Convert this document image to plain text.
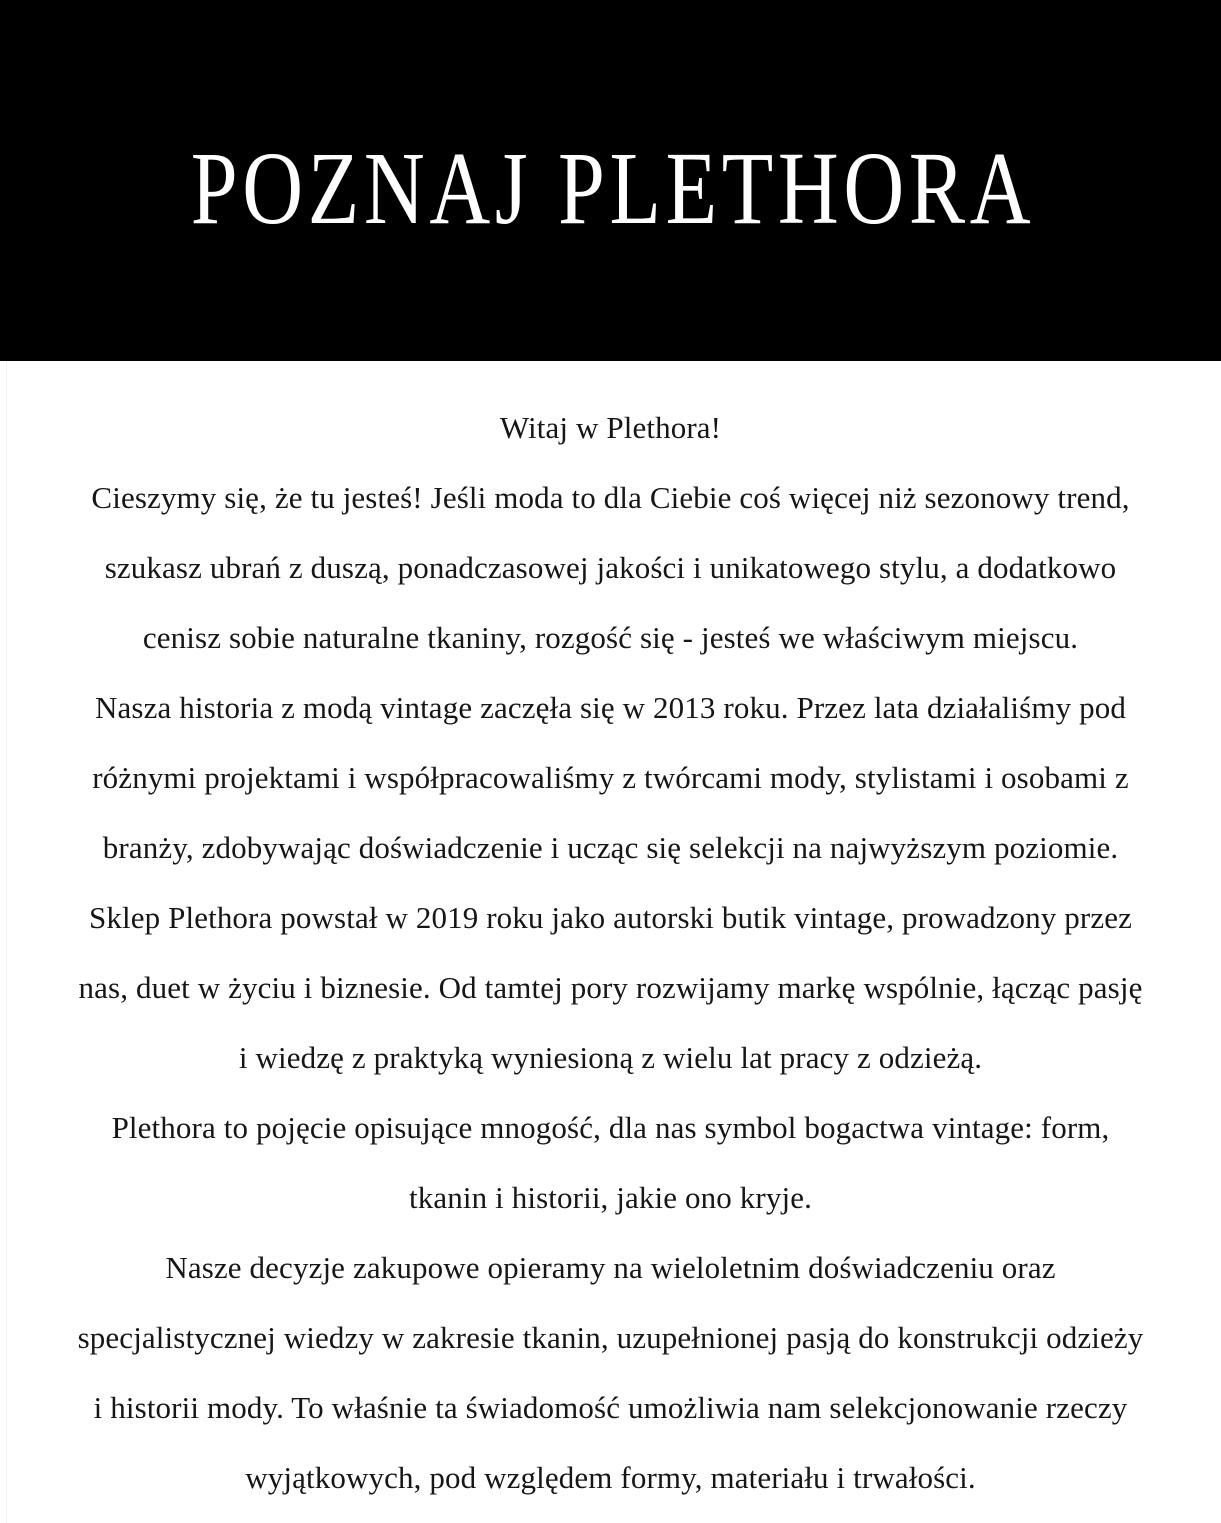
POZNAJ PLETHORA

Witaj w Plethora!

Cieszymy się, że tu jesteś! Jeśli moda to dla Ciebie coś więcej niż sezonowy trend,
szukasz ubrań z duszą, ponadczasowej jakości i unikatowego stylu, a dodatkowo
cenisz sobie naturalne tkaniny, rozgość się - jesteś we właściwym miejscu.

Nasza historia z modą vintage zaczęła się w 2013 roku. Przez lata działaliśmy pod
różnymi projektami i współpracowaliśmy z twórcami mody, stylistami i osobami z
branży, zdobywając doświadczenie i ucząc się selekcji na najwyższym poziomie.

Sklep Plethora powstał w 2019 roku jako autorski butik vintage, prowadzony przez
nas, duet w życiu i biznesie. Od tamtej pory rozwijamy markę wspólnie, łącząc pasję
i wiedzę z praktyką wyniesioną z wielu lat pracy z odzieżą.

Plethora to pojęcie opisujące mnogość, dla nas symbol bogactwa vintage: form,
tkanin i historii, jakie ono kryje.

Nasze decyzje zakupowe opieramy na wieloletnim doświadczeniu oraz
specjalistycznej wiedzy w zakresie tkanin, uzupełnionej pasją do konstrukcji odzieży
i historii mody. To właśnie ta świadomość umożliwia nam selekcjonowanie rzeczy
wyjątkowych, pod względem formy, materiału i trwałości.
